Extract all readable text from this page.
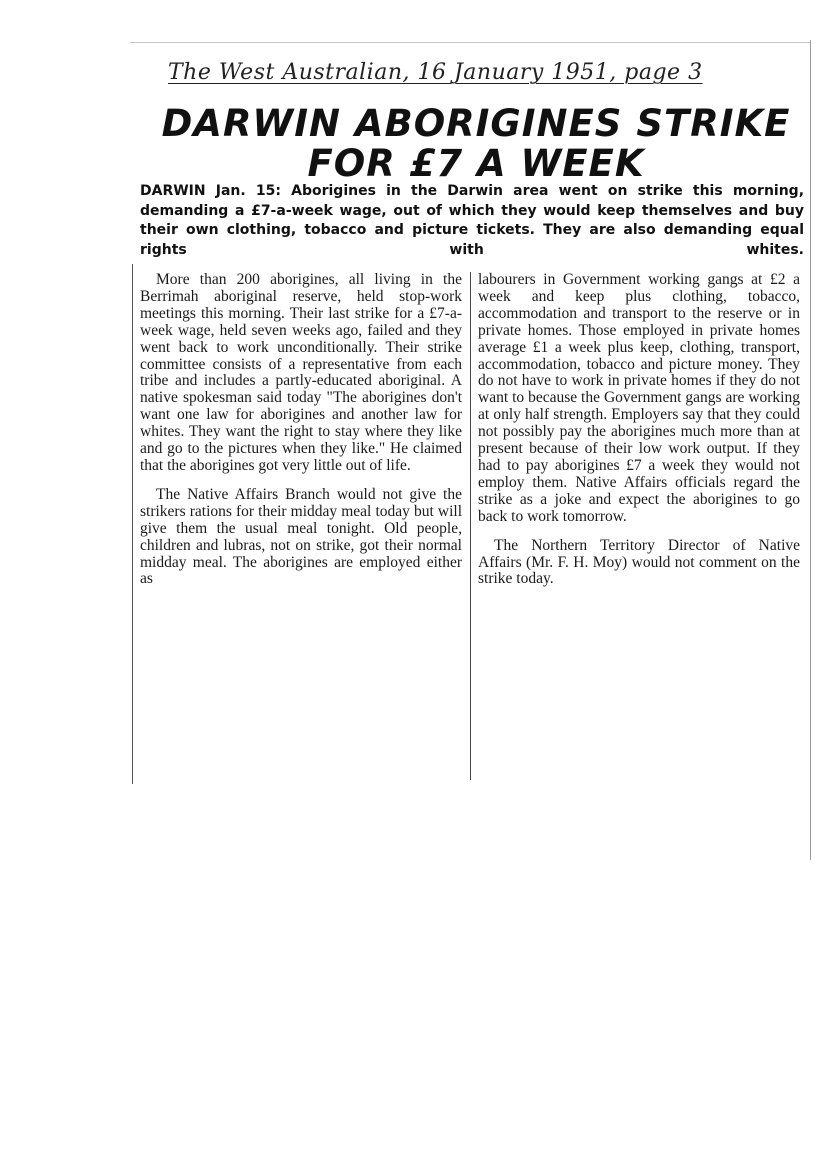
The West Australian, 16 January 1951, page 3
DARWIN ABORIGINES STRIKE
FOR £7 A WEEK
DARWIN Jan. 15: Aborigines in the Darwin area went on strike this morning, demanding a £7-a-week wage, out of which they would keep themselves and buy their own clothing, tobacco and picture tickets. They are also demanding equal rights with whites.

More than 200 aborigines, all living in the Berrimah aboriginal reserve, held stop-work meetings this morning. Their last strike for a £7-a-week wage, held seven weeks ago, failed and they went back to work unconditionally. Their strike committee consists of a representative from each tribe and includes a partly-educated aboriginal. A native spokesman said today "The aborigines don't want one law for aborigines and another law for whites. They want the right to stay where they like and go to the pictures when they like." He claimed that the aborigines got very little out of life.

The Native Affairs Branch would not give the strikers rations for their midday meal today but will give them the usual meal tonight. Old people, children and lubras, not on strike, got their normal midday meal. The aborigines are employed either as

labourers in Government working gangs at £2 a week and keep plus clothing, tobacco, accommodation and transport to the reserve or in private homes. Those employed in private homes average £1 a week plus keep, clothing, transport, accommodation, tobacco and picture money. They do not have to work in private homes if they do not want to because the Government gangs are working at only half strength. Employers say that they could not possibly pay the aborigines much more than at present because of their low work output. If they had to pay aborigines £7 a week they would not employ them. Native Affairs officials regard the strike as a joke and expect the aborigines to go back to work tomorrow.

The Northern Territory Director of Native Affairs (Mr. F. H. Moy) would not comment on the strike today.
